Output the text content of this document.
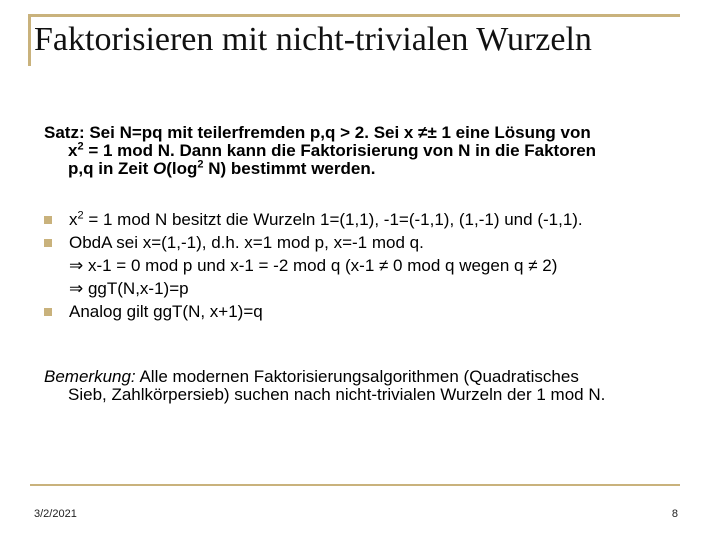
Faktorisieren mit nicht-trivialen Wurzeln
Satz: Sei N=pq mit teilerfremden p,q > 2. Sei x ≠± 1 eine Lösung von
$x^2 = 1$ mod N. Dann kann die Faktorisierung von N in die Faktoren
p,q in Zeit $O(\log^2$ N) bestimmt werden.
$x^2 = 1$ mod N besitzt die Wurzeln 1=(1,1), -1=(-1,1), (1,-1) und (-1,1).
ObdA sei x=(1,-1), d.h. x=1 mod p, x=-1 mod q.
⇒ x-1 = 0 mod p und x-1 = -2 mod q (x-1 ≠ 0 mod q wegen q ≠ 2)
⇒ ggT(N,x-1)=p
Analog gilt ggT(N, x+1)=q
Bemerkung: Alle modernen Faktorisierungsalgorithmen (Quadratisches
Sieb, Zahlkörpersieb) suchen nach nicht-trivialen Wurzeln der 1 mod N.
3/2/2021	8
